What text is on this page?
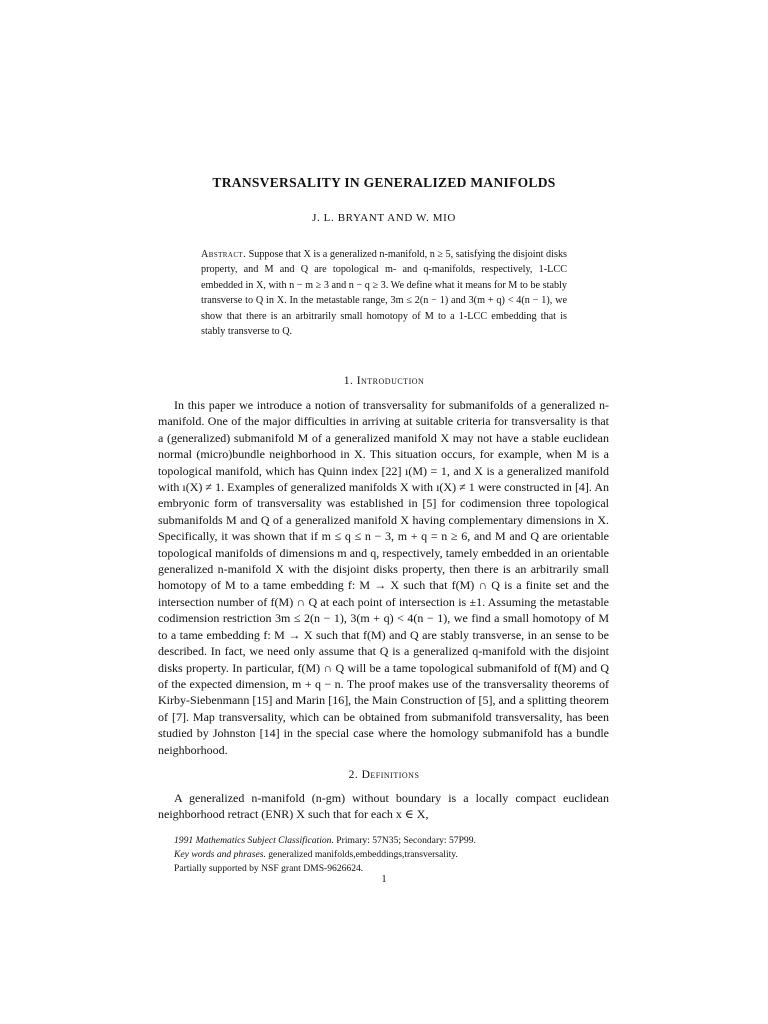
TRANSVERSALITY IN GENERALIZED MANIFOLDS
J. L. BRYANT AND W. MIO
Abstract. Suppose that X is a generalized n-manifold, n ≥ 5, satisfying the disjoint disks property, and M and Q are topological m- and q-manifolds, respectively, 1-LCC embedded in X, with n − m ≥ 3 and n − q ≥ 3. We define what it means for M to be stably transverse to Q in X. In the metastable range, 3m ≤ 2(n − 1) and 3(m + q) < 4(n − 1), we show that there is an arbitrarily small homotopy of M to a 1-LCC embedding that is stably transverse to Q.
1. Introduction

In this paper we introduce a notion of transversality for submanifolds of a generalized n-manifold. One of the major difficulties in arriving at suitable criteria for transversality is that a (generalized) submanifold M of a generalized manifold X may not have a stable euclidean normal (micro)bundle neighborhood in X. This situation occurs, for example, when M is a topological manifold, which has Quinn index [22] ı(M) = 1, and X is a generalized manifold with ı(X) ≠ 1. Examples of generalized manifolds X with ı(X) ≠ 1 were constructed in [4]. An embryonic form of transversality was established in [5] for codimension three topological submanifolds M and Q of a generalized manifold X having complementary dimensions in X. Specifically, it was shown that if m ≤ q ≤ n − 3, m + q = n ≥ 6, and M and Q are orientable topological manifolds of dimensions m and q, respectively, tamely embedded in an orientable generalized n-manifold X with the disjoint disks property, then there is an arbitrarily small homotopy of M to a tame embedding f: M → X such that f(M) ∩ Q is a finite set and the intersection number of f(M) ∩ Q at each point of intersection is ±1. Assuming the metastable codimension restriction 3m ≤ 2(n − 1), 3(m + q) < 4(n − 1), we find a small homotopy of M to a tame embedding f: M → X such that f(M) and Q are stably transverse, in an sense to be described. In fact, we need only assume that Q is a generalized q-manifold with the disjoint disks property. In particular, f(M) ∩ Q will be a tame topological submanifold of f(M) and Q of the expected dimension, m + q − n. The proof makes use of the transversality theorems of Kirby-Siebenmann [15] and Marin [16], the Main Construction of [5], and a splitting theorem of [7]. Map transversality, which can be obtained from submanifold transversality, has been studied by Johnston [14] in the special case where the homology submanifold has a bundle neighborhood.

2. Definitions

A generalized n-manifold (n-gm) without boundary is a locally compact euclidean neighborhood retract (ENR) X such that for each x ∈ X,

1991 Mathematics Subject Classification. Primary: 57N35; Secondary: 57P99.
Key words and phrases. generalized manifolds,embeddings,transversality.
Partially supported by NSF grant DMS-9626624.
1
